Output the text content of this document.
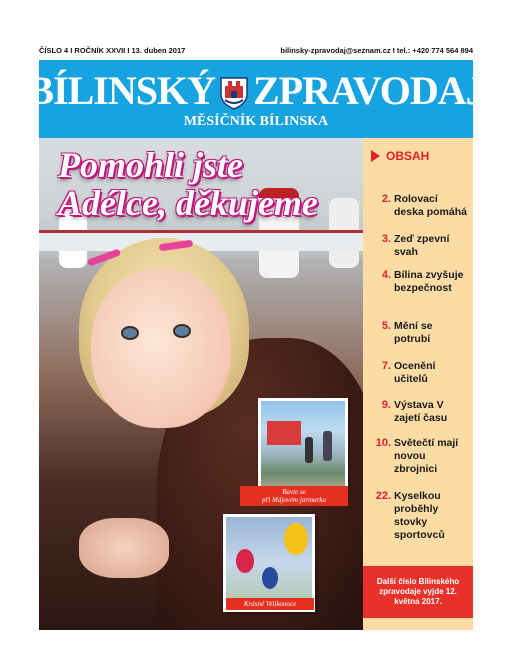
ČÍSLO 4 I ROČNÍK XXVII I 13. duben 2017	bilinsky-zpravodaj@seznam.cz I tel.: +420 774 564 894
BÍLINSKÝ ZPRAVODAJ
MĚSÍČNÍK BÍLINSKA
Pomohli jste
Adélce, děkujeme
Bavte se
při Májovém jarmarku
Krásné Velikonoce
OBSAH
2. Rolovací deska pomáhá
3. Zeď zpevní svah
4. Bílina zvyšuje bezpečnost
5. Mění se potrubí
7. Ocenění učitelů
9. Výstava V zajetí času
10. Světečtí mají novou zbrojnici
22. Kyselkou proběhly stovky sportovců
Další číslo Bílinského zpravodaje vyjde 12. května 2017.
